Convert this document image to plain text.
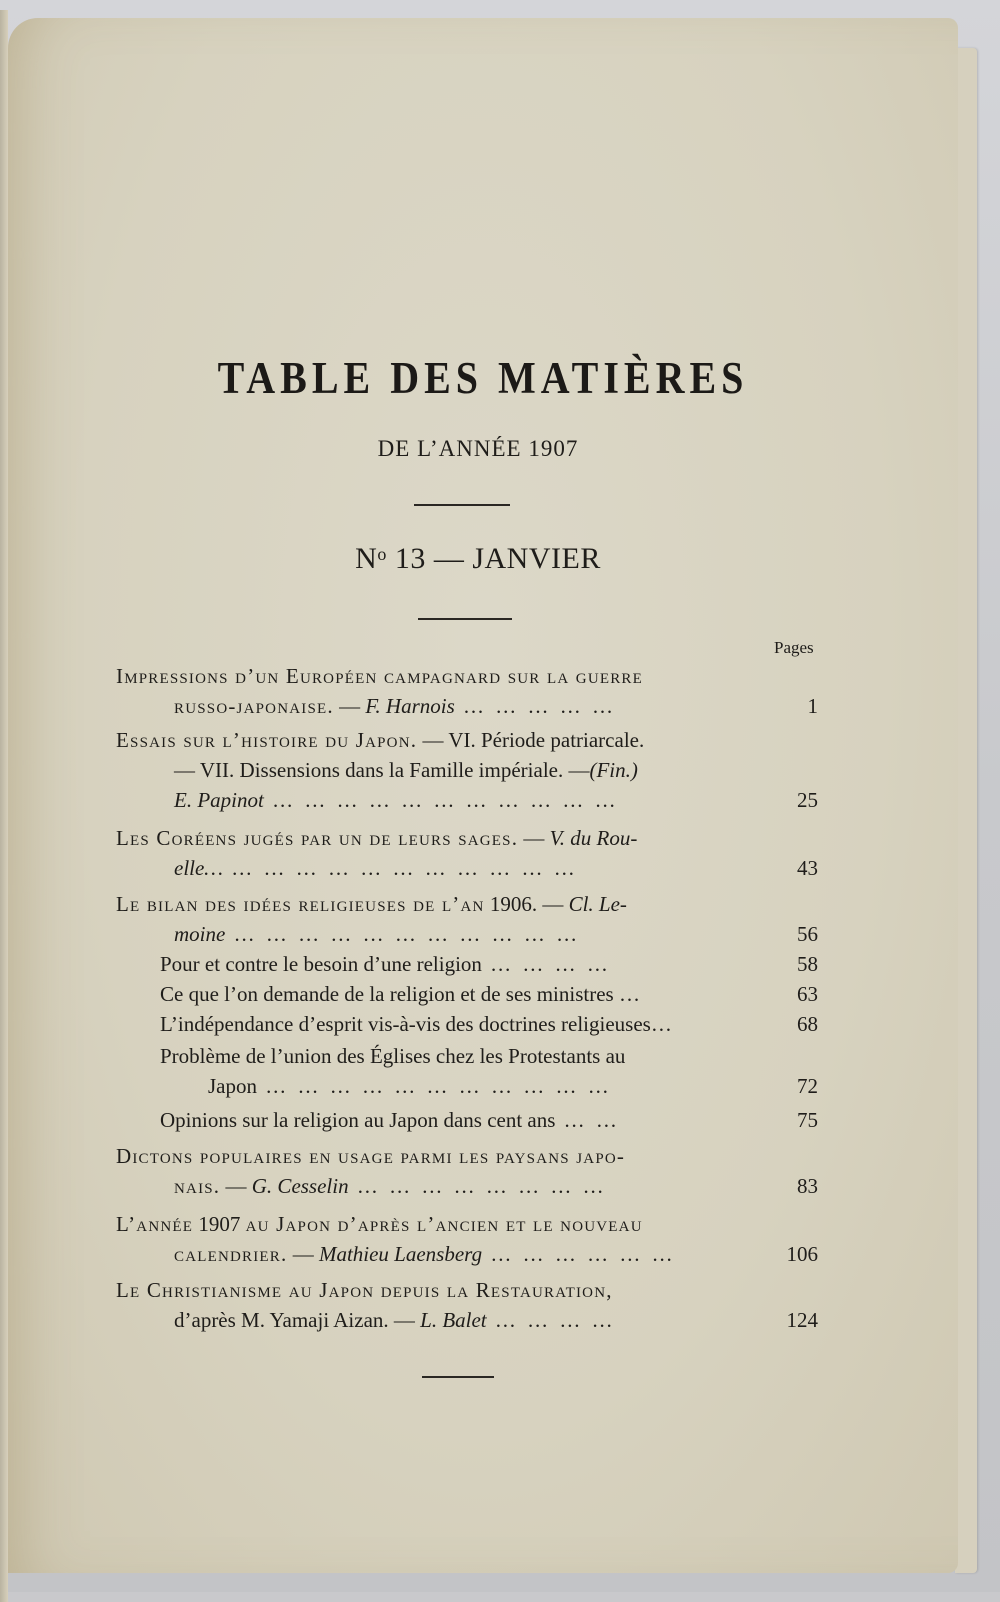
TABLE DES MATIÈRES
DE L’ANNÉE 1907
$N^o$ 13 — JANVIER
Pages
Impressions d’un Européen campagnard sur la guerre
russo-japonaise. — F. Harnois … … … … …	1
Essais sur l’histoire du Japon. — VI. Période patriarcale.
— VII. Dissensions dans la Famille impériale. —(Fin.)
E. Papinot … … … … … … … … … … …	25
Les Coréens jugés par un de leurs sages. — V. du Rou-
elle… … … … … … … … … … … …	43
Le bilan des idées religieuses de l’an 1906. — Cl. Le-
moine … … … … … … … … … … …	56
Pour et contre le besoin d’une religion … … … …	58
Ce que l’on demande de la religion et de ses ministres …	63
L’indépendance d’esprit vis-à-vis des doctrines religieuses…	68
Problème de l’union des Églises chez les Protestants au
Japon … … … … … … … … … … …	72
Opinions sur la religion au Japon dans cent ans … …	75
Dictons populaires en usage parmi les paysans japo-
nais. — G. Cesselin … … … … … … … …	83
L’année 1907 au Japon d’après l’ancien et le nouveau
calendrier. — Mathieu Laensberg … … … … … …	106
Le Christianisme au Japon depuis la Restauration,
d’après M. Yamaji Aizan. — L. Balet … … … …	124
